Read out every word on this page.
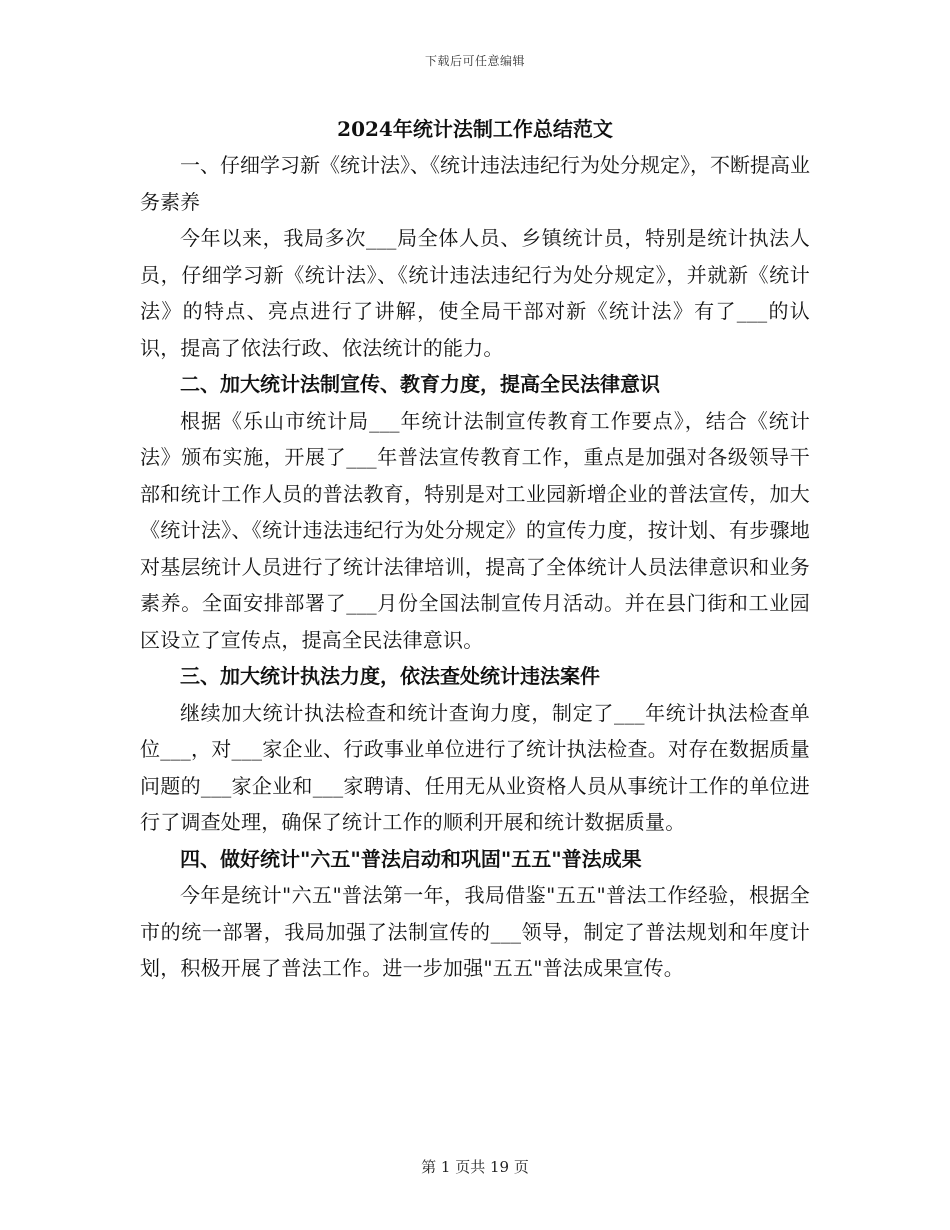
下载后可任意编辑

2024年统计法制工作总结范文

一、仔细学习新《统计法》、《统计违法违纪行为处分规定》，不断提高业务素养

今年以来，我局多次___局全体人员、乡镇统计员，特别是统计执法人员，仔细学习新《统计法》、《统计违法违纪行为处分规定》，并就新《统计法》的特点、亮点进行了讲解，使全局干部对新《统计法》有了___的认识，提高了依法行政、依法统计的能力。

二、加大统计法制宣传、教育力度，提高全民法律意识

根据《乐山市统计局___年统计法制宣传教育工作要点》，结合《统计法》颁布实施，开展了___年普法宣传教育工作，重点是加强对各级领导干部和统计工作人员的普法教育，特别是对工业园新增企业的普法宣传，加大《统计法》、《统计违法违纪行为处分规定》的宣传力度，按计划、有步骤地对基层统计人员进行了统计法律培训，提高了全体统计人员法律意识和业务素养。全面安排部署了___月份全国法制宣传月活动。并在县门街和工业园区设立了宣传点，提高全民法律意识。

三、加大统计执法力度，依法查处统计违法案件

继续加大统计执法检查和统计查询力度，制定了___年统计执法检查单位___，对___家企业、行政事业单位进行了统计执法检查。对存在数据质量问题的___家企业和___家聘请、任用无从业资格人员从事统计工作的单位进行了调查处理，确保了统计工作的顺利开展和统计数据质量。

四、做好统计"六五"普法启动和巩固"五五"普法成果

今年是统计"六五"普法第一年，我局借鉴"五五"普法工作经验，根据全市的统一部署，我局加强了法制宣传的___领导，制定了普法规划和年度计划，积极开展了普法工作。进一步加强"五五"普法成果宣传。

第 1 页共 19 页
